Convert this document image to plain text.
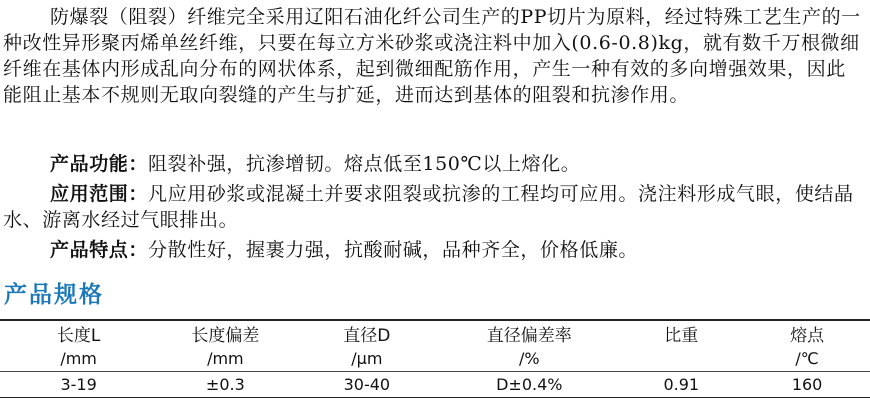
防爆裂（阻裂）纤维完全采用辽阳石油化纤公司生产的PP切片为原料，经过特殊工艺生产的一种改性异形聚丙烯单丝纤维，只要在每立方米砂浆或浇注料中加入(0.6-0.8)kg，就有数千万根微细纤维在基体内形成乱向分布的网状体系，起到微细配筋作用，产生一种有效的多向增强效果，因此能阻止基本不规则无取向裂缝的产生与扩延，进而达到基体的阻裂和抗渗作用。

产品功能：阻裂补强，抗渗增韧。熔点低至150℃以上熔化。

应用范围：凡应用砂浆或混凝土并要求阻裂或抗渗的工程均可应用。浇注料形成气眼，使结晶水、游离水经过气眼排出。

产品特点：分散性好，握裹力强，抗酸耐碱，品种齐全，价格低廉。

产品规格
长度L	长度偏差	直径D	直径偏差率	比重	熔点
/mm	/mm	/μm	/%		/℃
3-19	±0.3	30-40	D±0.4%	0.91	160
